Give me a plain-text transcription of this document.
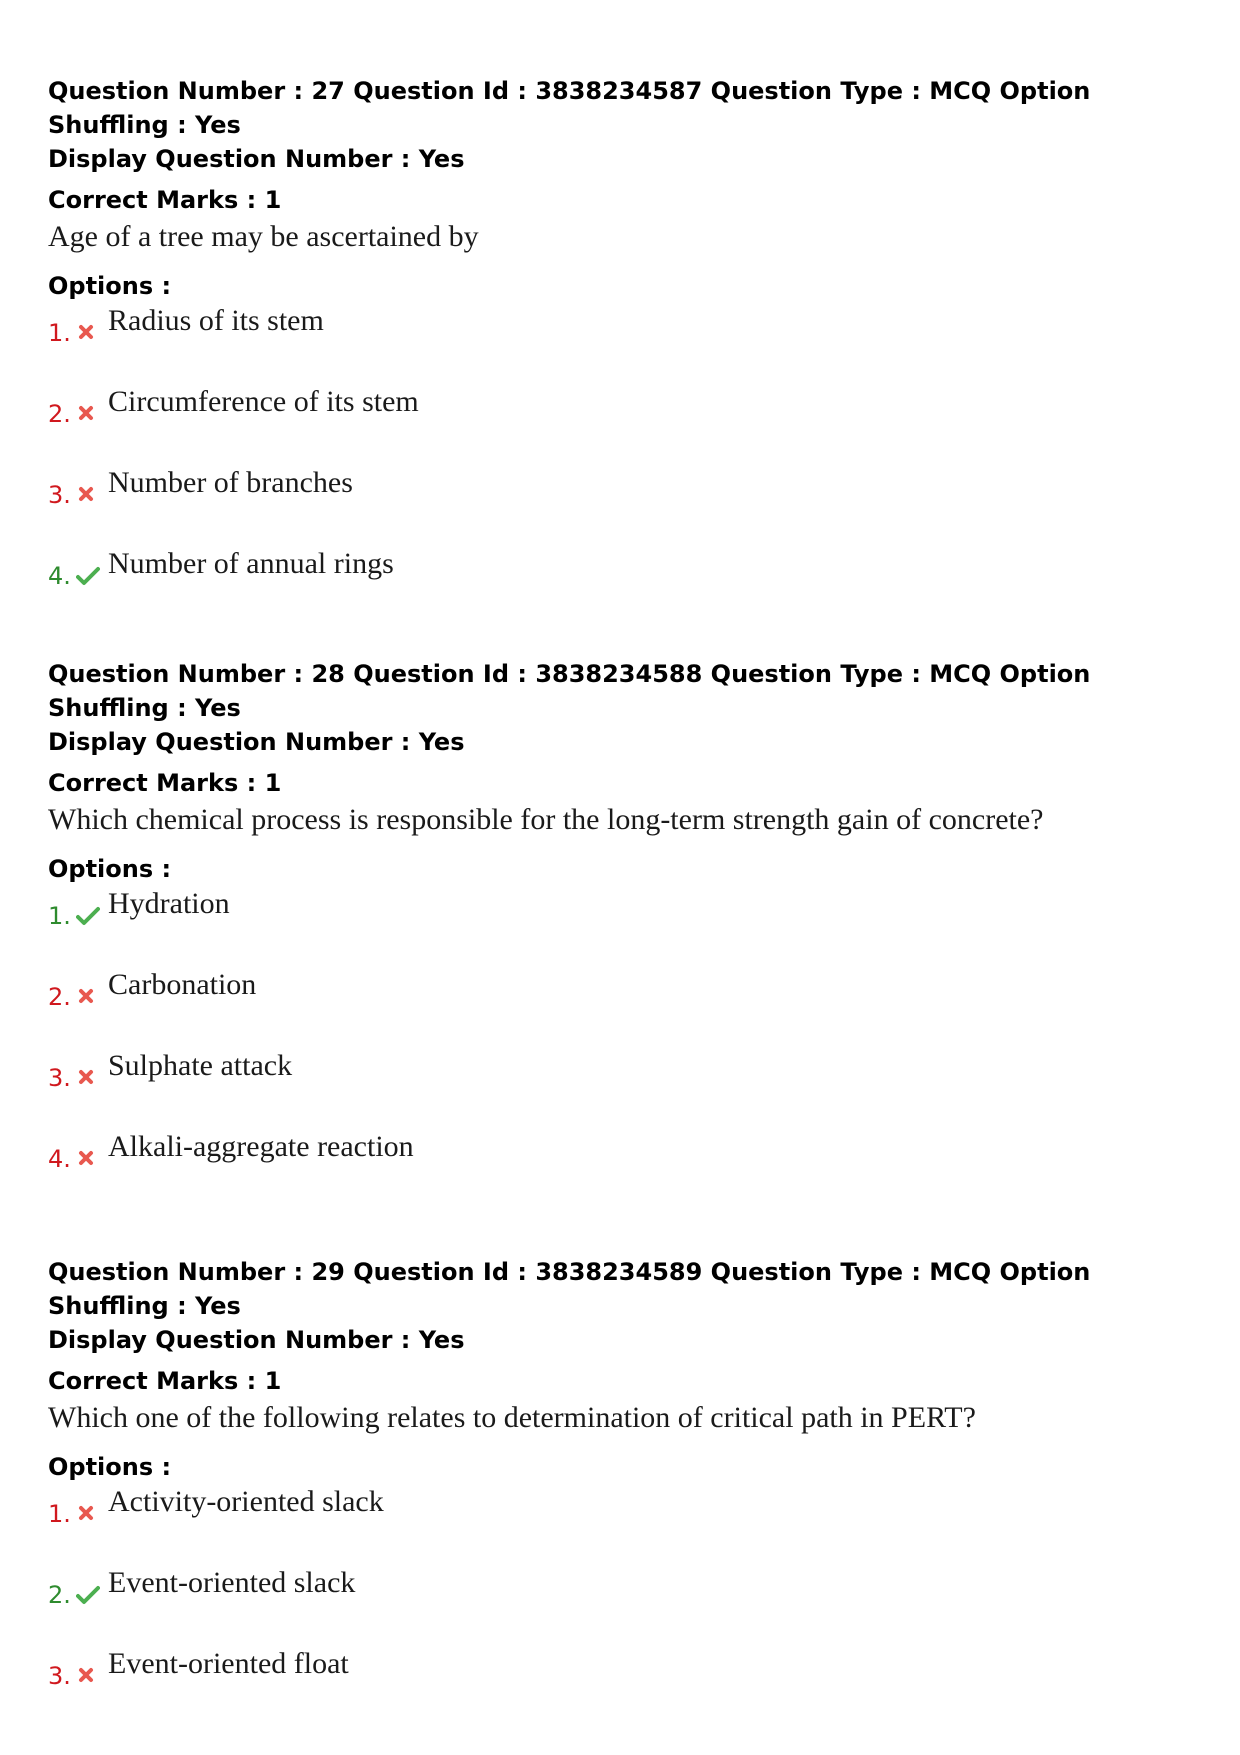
Question Number : 27 Question Id : 3838234587 Question Type : MCQ Option Shuffling : Yes

Display Question Number : Yes

Correct Marks : 1

Age of a tree may be ascertained by

Options :

1. Radius of its stem
2. Circumference of its stem
3. Number of branches
4. Number of annual rings

Question Number : 28 Question Id : 3838234588 Question Type : MCQ Option Shuffling : Yes

Display Question Number : Yes

Correct Marks : 1

Which chemical process is responsible for the long-term strength gain of concrete?

Options :

1. Hydration
2. Carbonation
3. Sulphate attack
4. Alkali-aggregate reaction

Question Number : 29 Question Id : 3838234589 Question Type : MCQ Option Shuffling : Yes

Display Question Number : Yes

Correct Marks : 1

Which one of the following relates to determination of critical path in PERT?

Options :

1. Activity-oriented slack
2. Event-oriented slack
3. Event-oriented float
